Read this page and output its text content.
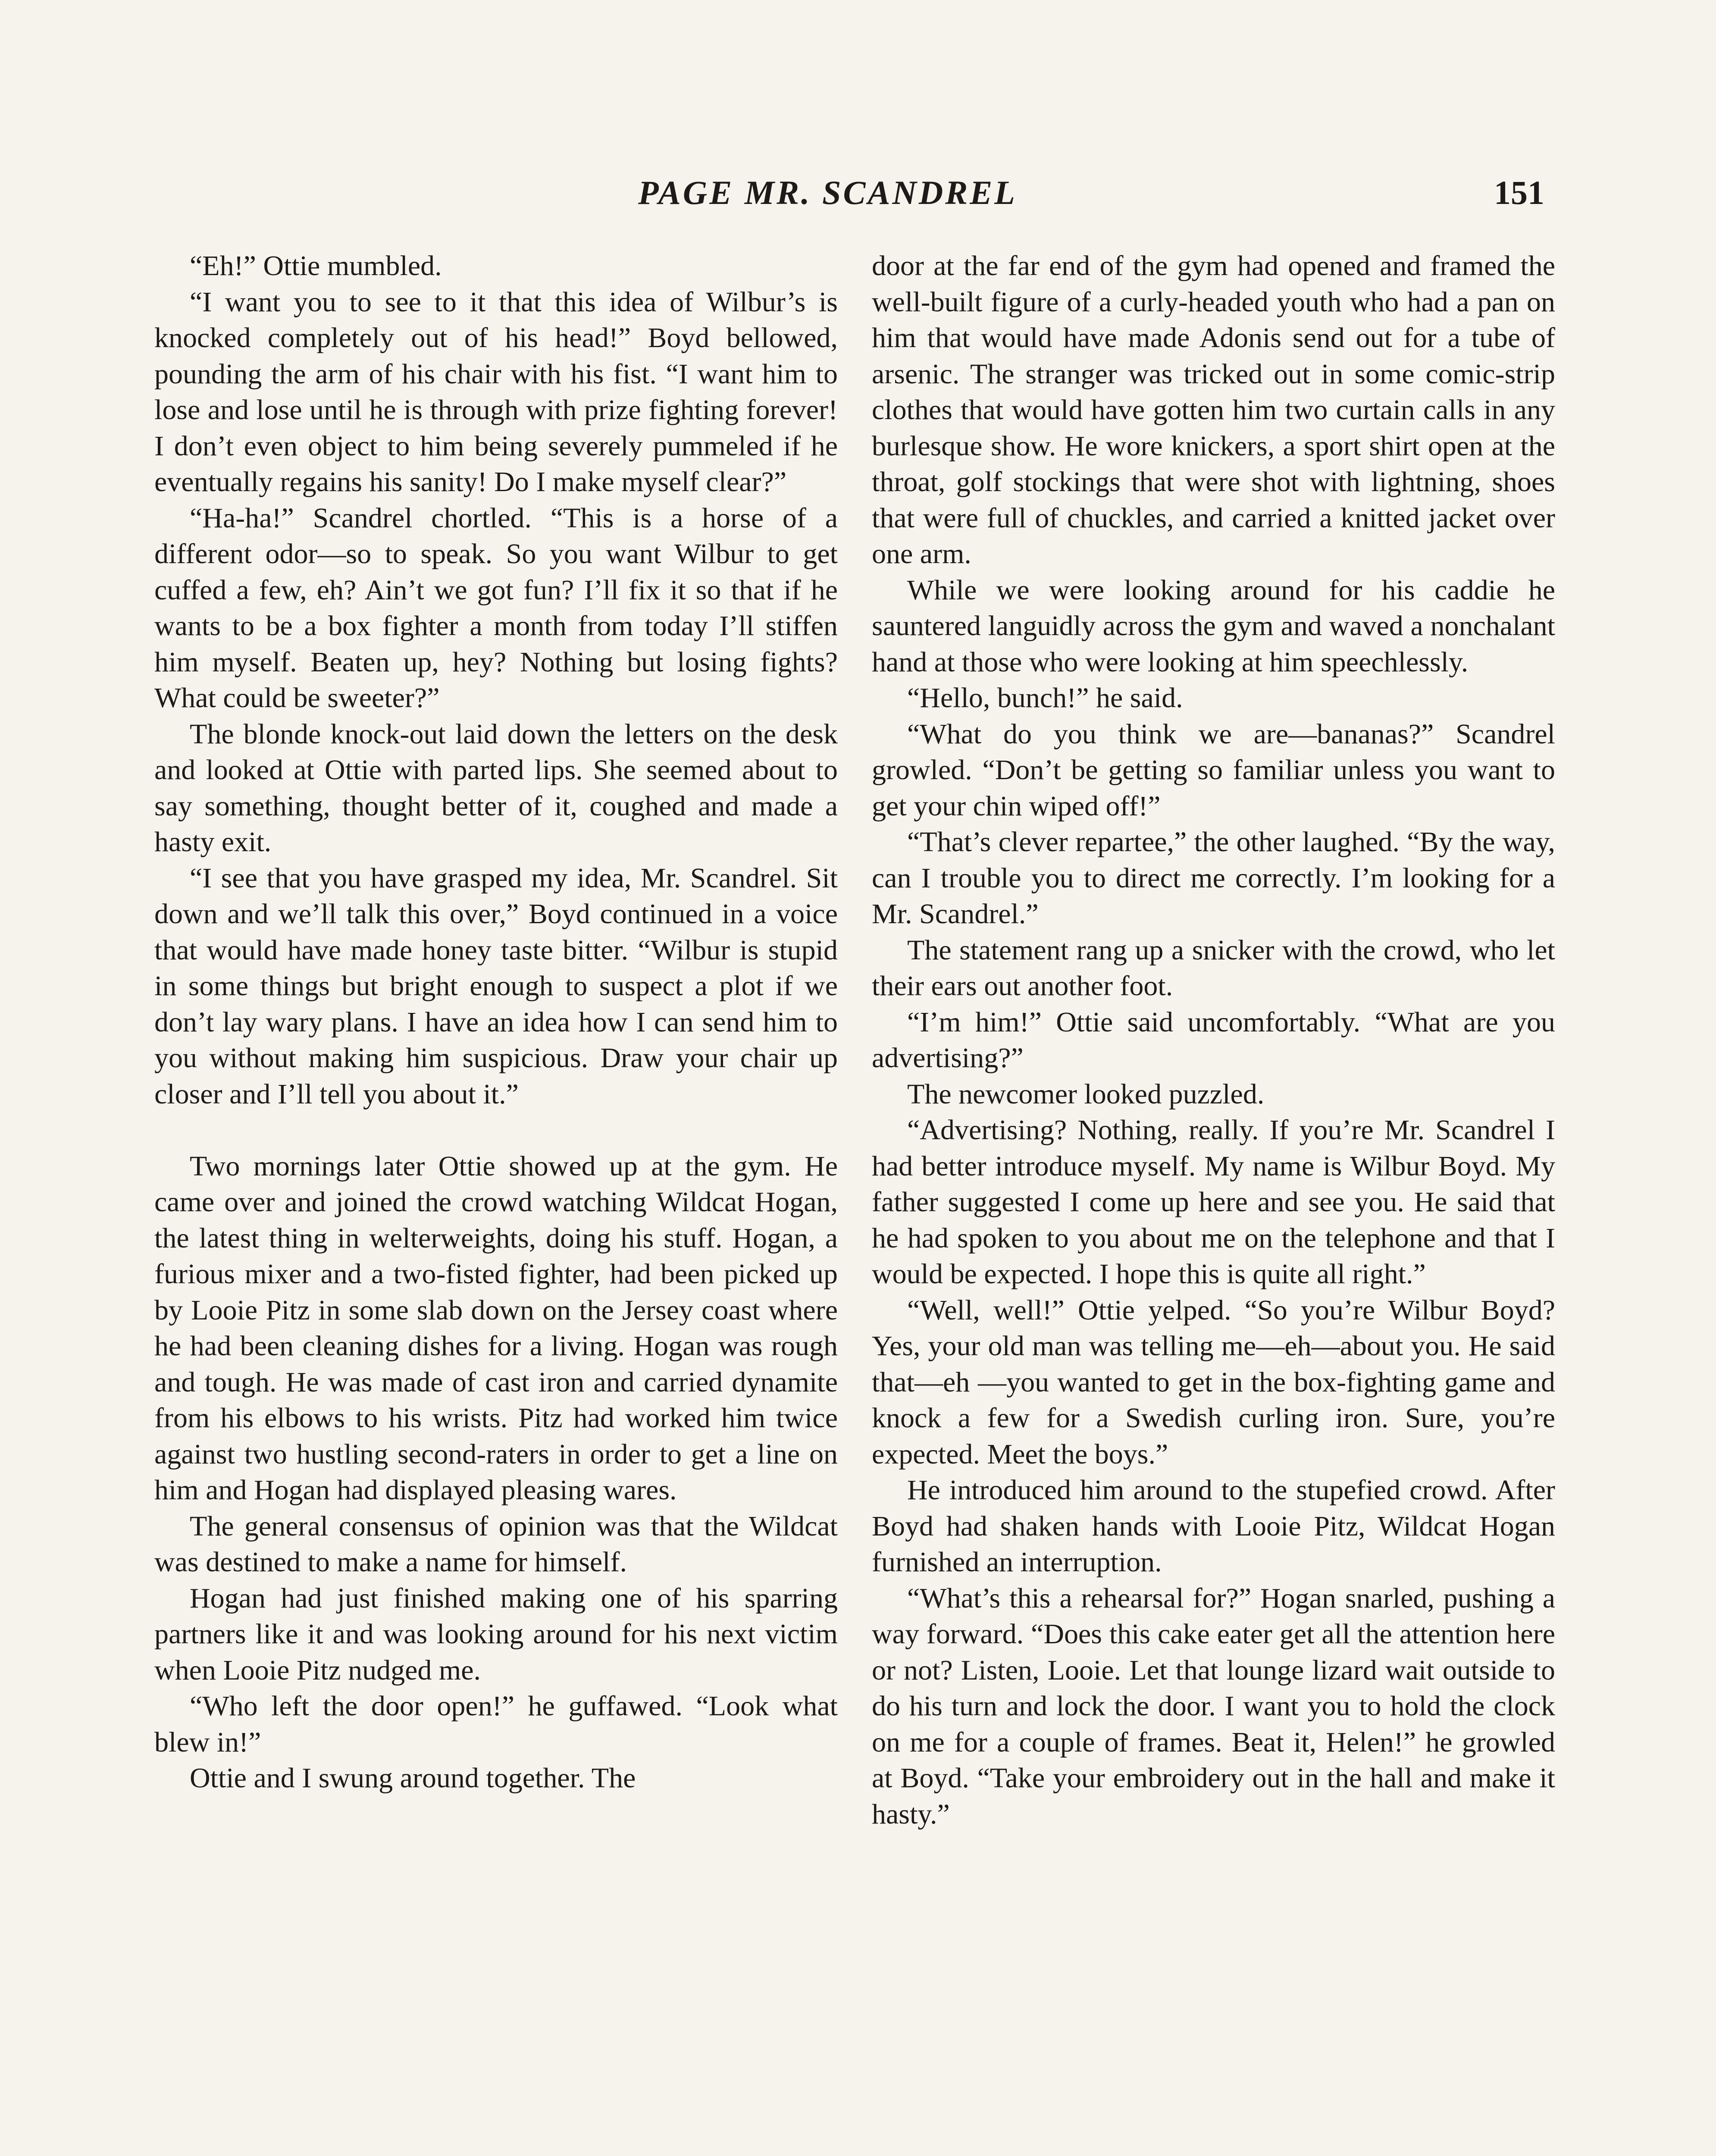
PAGE MR. SCANDREL	151

“Eh!” Ottie mumbled.

“I want you to see to it that this idea of Wilbur’s is knocked completely out of his head!” Boyd bellowed, pounding the arm of his chair with his fist. “I want him to lose and lose until he is through with prize fighting forever! I don’t even object to him being severely pummeled if he eventually regains his sanity! Do I make myself clear?”

“Ha-ha!” Scandrel chortled. “This is a horse of a different odor—so to speak. So you want Wilbur to get cuffed a few, eh? Ain’t we got fun? I’ll fix it so that if he wants to be a box fighter a month from today I’ll stiffen him myself. Beaten up, hey? Nothing but losing fights? What could be sweeter?”

The blonde knock-out laid down the letters on the desk and looked at Ottie with parted lips. She seemed about to say something, thought better of it, coughed and made a hasty exit.

“I see that you have grasped my idea, Mr. Scandrel. Sit down and we’ll talk this over,” Boyd continued in a voice that would have made honey taste bitter. “Wilbur is stupid in some things but bright enough to suspect a plot if we don’t lay wary plans. I have an idea how I can send him to you without making him suspicious. Draw your chair up closer and I’ll tell you about it.”

Two mornings later Ottie showed up at the gym. He came over and joined the crowd watching Wildcat Hogan, the latest thing in welterweights, doing his stuff. Hogan, a furious mixer and a two-fisted fighter, had been picked up by Looie Pitz in some slab down on the Jersey coast where he had been cleaning dishes for a living. Hogan was rough and tough. He was made of cast iron and carried dynamite from his elbows to his wrists. Pitz had worked him twice against two hustling second-raters in order to get a line on him and Hogan had displayed pleasing wares.

The general consensus of opinion was that the Wildcat was destined to make a name for himself.

Hogan had just finished making one of his sparring partners like it and was looking around for his next victim when Looie Pitz nudged me.

“Who left the door open!” he guffawed. “Look what blew in!”

Ottie and I swung around together. The

door at the far end of the gym had opened and framed the well-built figure of a curly-headed youth who had a pan on him that would have made Adonis send out for a tube of arsenic. The stranger was tricked out in some comic-strip clothes that would have gotten him two curtain calls in any burlesque show. He wore knickers, a sport shirt open at the throat, golf stockings that were shot with lightning, shoes that were full of chuckles, and carried a knitted jacket over one arm.

While we were looking around for his caddie he sauntered languidly across the gym and waved a nonchalant hand at those who were looking at him speechlessly.

“Hello, bunch!” he said.

“What do you think we are—bananas?” Scandrel growled. “Don’t be getting so familiar unless you want to get your chin wiped off!”

“That’s clever repartee,” the other laughed. “By the way, can I trouble you to direct me correctly. I’m looking for a Mr. Scandrel.”

The statement rang up a snicker with the crowd, who let their ears out another foot.

“I’m him!” Ottie said uncomfortably. “What are you advertising?”

The newcomer looked puzzled.

“Advertising? Nothing, really. If you’re Mr. Scandrel I had better introduce myself. My name is Wilbur Boyd. My father suggested I come up here and see you. He said that he had spoken to you about me on the telephone and that I would be expected. I hope this is quite all right.”

“Well, well!” Ottie yelped. “So you’re Wilbur Boyd? Yes, your old man was telling me—eh—about you. He said that—eh —you wanted to get in the box-fighting game and knock a few for a Swedish curling iron. Sure, you’re expected. Meet the boys.”

He introduced him around to the stupefied crowd. After Boyd had shaken hands with Looie Pitz, Wildcat Hogan furnished an interruption.

“What’s this a rehearsal for?” Hogan snarled, pushing a way forward. “Does this cake eater get all the attention here or not? Listen, Looie. Let that lounge lizard wait outside to do his turn and lock the door. I want you to hold the clock on me for a couple of frames. Beat it, Helen!” he growled at Boyd. “Take your embroidery out in the hall and make it hasty.”
